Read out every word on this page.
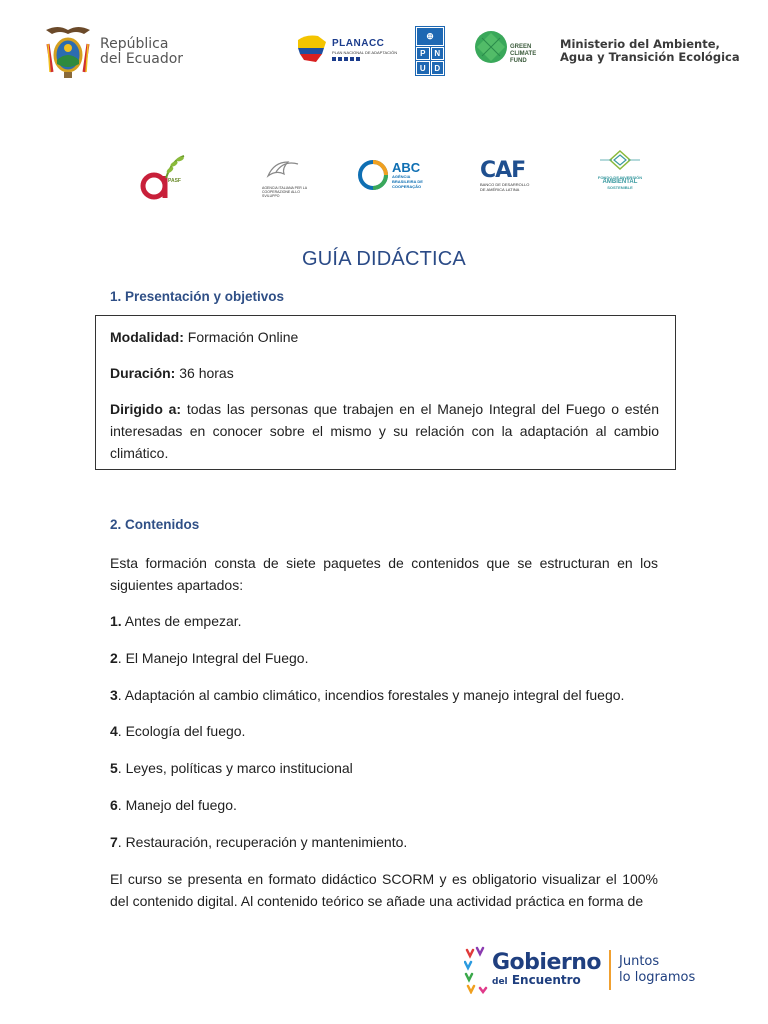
República
del Ecuador
PLANACC
PLAN NACIONAL DE ADAPTACIÓN
⊕
P	N
U	D
GREEN
CLIMATE
FUND
Ministerio del Ambiente,
Agua y Transición Ecológica
PASF
AGENCIA ITALIANA PER LA COOPERAZIONE ALLO SVILUPPO
ABC
AGÊNCIA
BRASILEIRA DE
COOPERAÇÃO
CAF
BANCO DE DESARROLLO
DE AMÉRICA LATINA
FONDO DE INVERSIÓN
AMBIENTAL
SOSTENIBLE
GUÍA DIDÁCTICA
1. Presentación y objetivos

Modalidad: Formación Online

Duración: 36 horas

Dirigido a: todas las personas que trabajen en el Manejo Integral del Fuego o estén interesadas en conocer sobre el mismo y su relación con la adaptación al cambio climático.

2. Contenidos
Esta formación consta de siete paquetes de contenidos que se estructuran en los siguientes apartados:
1. Antes de empezar.
2. El Manejo Integral del Fuego.
3. Adaptación al cambio climático, incendios forestales y manejo integral del fuego.
4. Ecología del fuego.
5. Leyes, políticas y marco institucional
6. Manejo del fuego.
7. Restauración, recuperación y mantenimiento.
El curso se presenta en formato didáctico SCORM y es obligatorio visualizar el 100% del contenido digital. Al contenido teórico se añade una actividad práctica en forma de
Gobierno
del Encuentro
Juntos
lo logramos
